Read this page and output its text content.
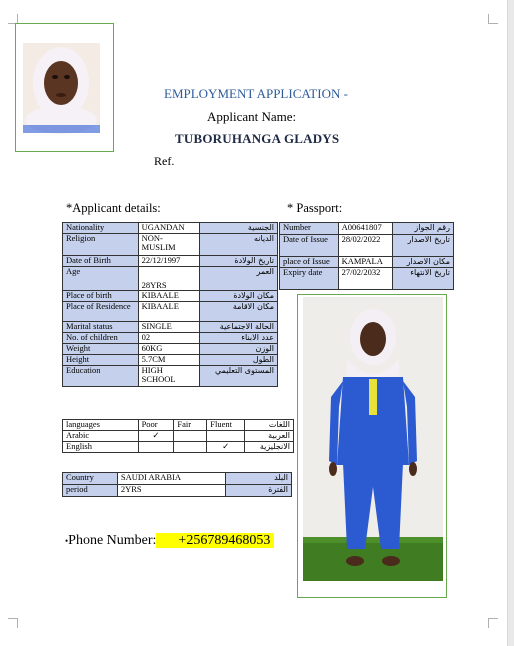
EMPLOYMENT APPLICATION -
Applicant Name:
TUBORUHANGA GLADYS
Ref.
*Applicant details:	* Passport:
Nationality	UGANDAN	الجنسية
Religion	NON-MUSLIM	الديانه
Date of Birth	22/12/1997	تاريخ الولادة
Age	28YRS	العمر
Place of birth	KIBAALE	مكان الولادة
Place of Residence	KIBAALE	مكان الاقامة
Marital status	SINGLE	الحالة الاجتماعية
No. of children	02	عدد الابناء
Weight	60KG	الوزن
Height	5.7CM	الطول
Education	HIGH SCHOOL	المستوى التعليمي
Number	A00641807	رقم الجواز
Date of Issue	28/02/2022	تاريخ الاصدار
place of Issue	KAMPALA	مكان الاصدار
Expiry date	27/02/2032	تاريخ الانتهاء
languages	Poor	Fair	Fluent	اللغات
Arabic	✓			العربية
English			✓	الانجليزية
Country	SAUDI ARABIA	البلد
period	2YRS	الفترة
•Phone Number: +256789468053
